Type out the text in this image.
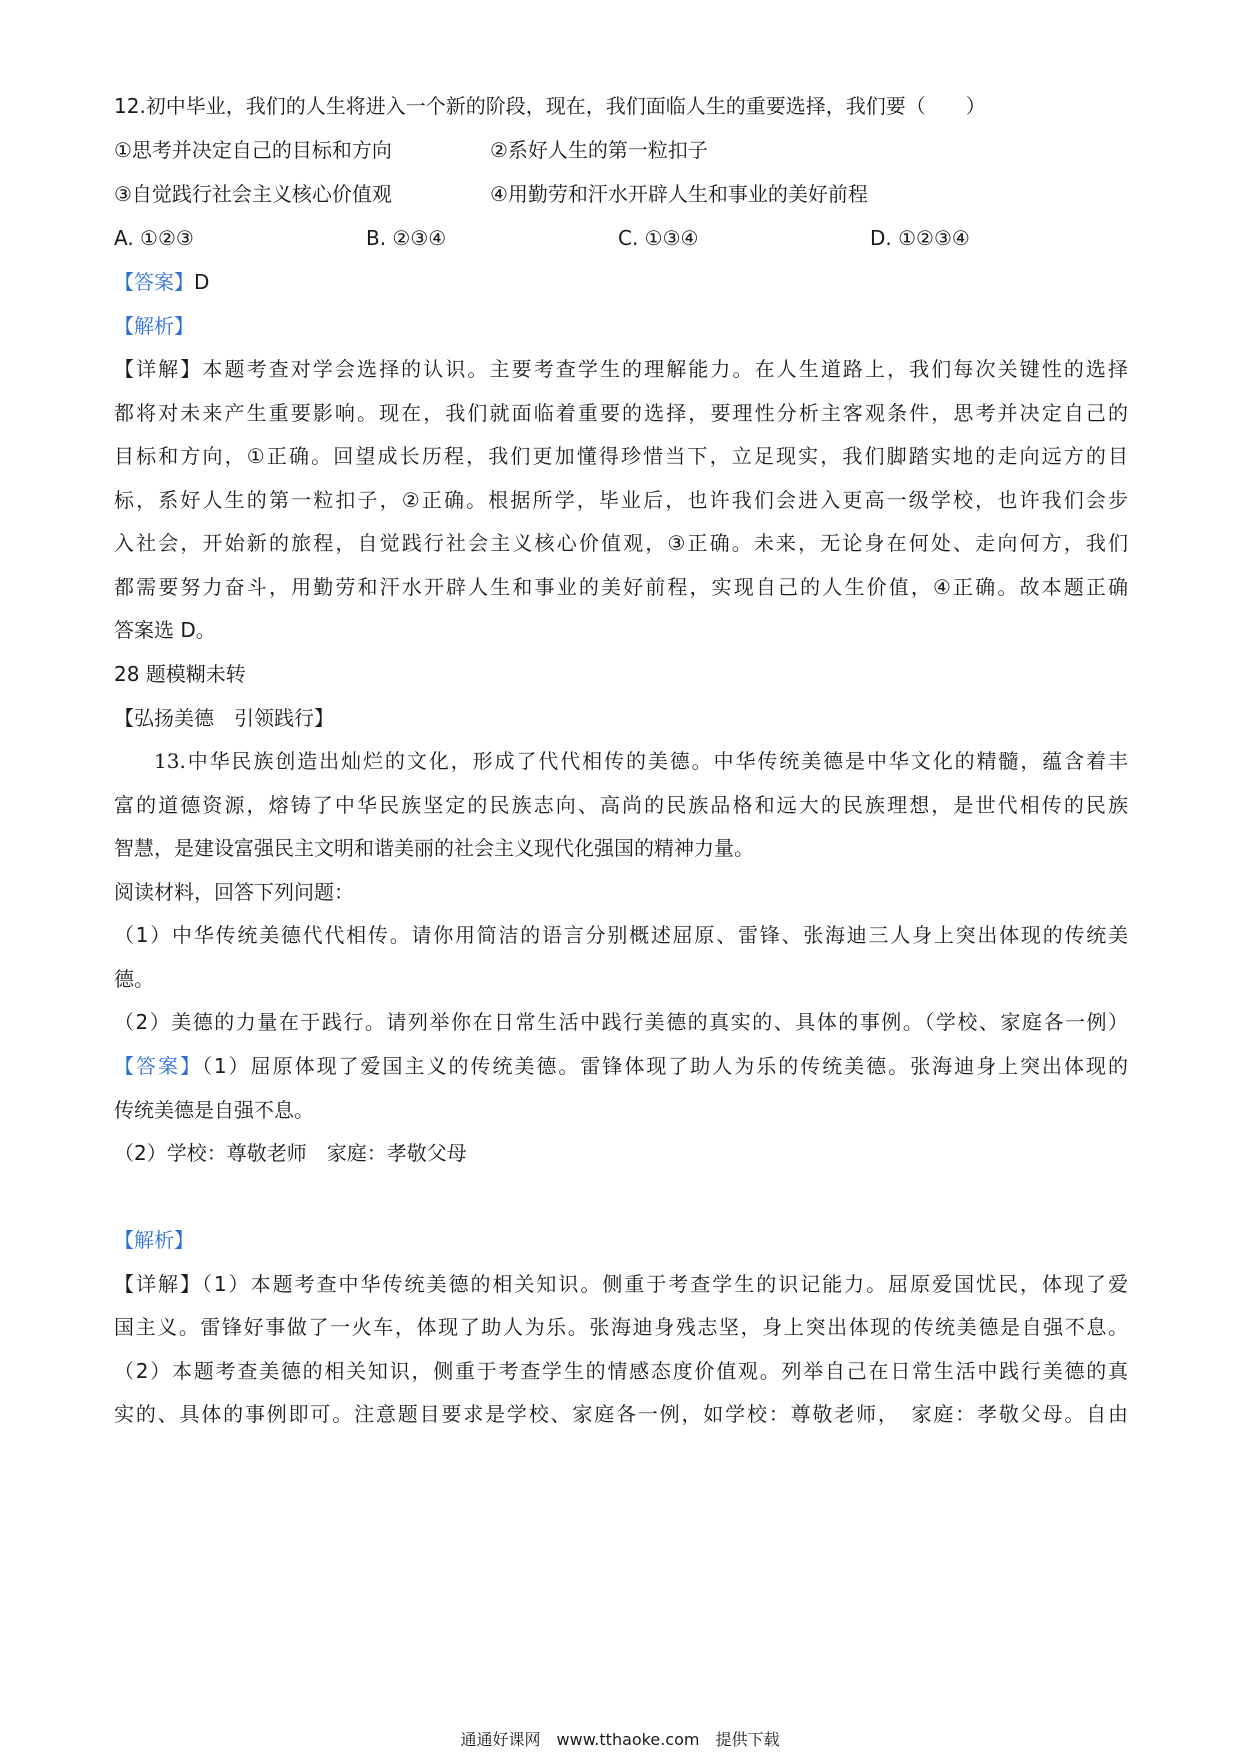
12.初中毕业，我们的人生将进入一个新的阶段，现在，我们面临人生的重要选择，我们要（　　）
①思考并决定自己的目标和方向	②系好人生的第一粒扣子
③自觉践行社会主义核心价值观	④用勤劳和汗水开辟人生和事业的美好前程
A. ①②③	B. ②③④	C. ①③④	D. ①②③④
【答案】D
【解析】
【详解】本题考查对学会选择的认识。主要考查学生的理解能力。在人生道路上，我们每次关键性的选择
都将对未来产生重要影响。现在，我们就面临着重要的选择，要理性分析主客观条件，思考并决定自己的
目标和方向，①正确。回望成长历程，我们更加懂得珍惜当下，立足现实，我们脚踏实地的走向远方的目
标，系好人生的第一粒扣子，②正确。根据所学，毕业后，也许我们会进入更高一级学校，也许我们会步
入社会，开始新的旅程，自觉践行社会主义核心价值观，③正确。未来，无论身在何处、走向何方，我们
都需要努力奋斗，用勤劳和汗水开辟人生和事业的美好前程，实现自己的人生价值，④正确。故本题正确
答案选 D。
28 题模糊未转
【弘扬美德　引领践行】
13.中华民族创造出灿烂的文化，形成了代代相传的美德。中华传统美德是中华文化的精髓，蕴含着丰
富的道德资源，熔铸了中华民族坚定的民族志向、高尚的民族品格和远大的民族理想，是世代相传的民族
智慧，是建设富强民主文明和谐美丽的社会主义现代化强国的精神力量。
阅读材料，回答下列问题：
（1）中华传统美德代代相传。请你用简洁的语言分别概述屈原、雷锋、张海迪三人身上突出体现的传统美
德。
（2）美德的力量在于践行。请列举你在日常生活中践行美德的真实的、具体的事例。（学校、家庭各一例）
【答案】（1）屈原体现了爱国主义的传统美德。雷锋体现了助人为乐的传统美德。张海迪身上突出体现的
传统美德是自强不息。
（2）学校：尊敬老师　家庭：孝敬父母
【解析】
【详解】（1）本题考查中华传统美德的相关知识。侧重于考查学生的识记能力。屈原爱国忧民，体现了爱
国主义。雷锋好事做了一火车，体现了助人为乐。张海迪身残志坚，身上突出体现的传统美德是自强不息。
（2）本题考查美德的相关知识，侧重于考查学生的情感态度价值观。列举自己在日常生活中践行美德的真
实的、具体的事例即可。注意题目要求是学校、家庭各一例，如学校：尊敬老师，　家庭：孝敬父母。自由
通通好课网　www.tthaoke.com　提供下载
